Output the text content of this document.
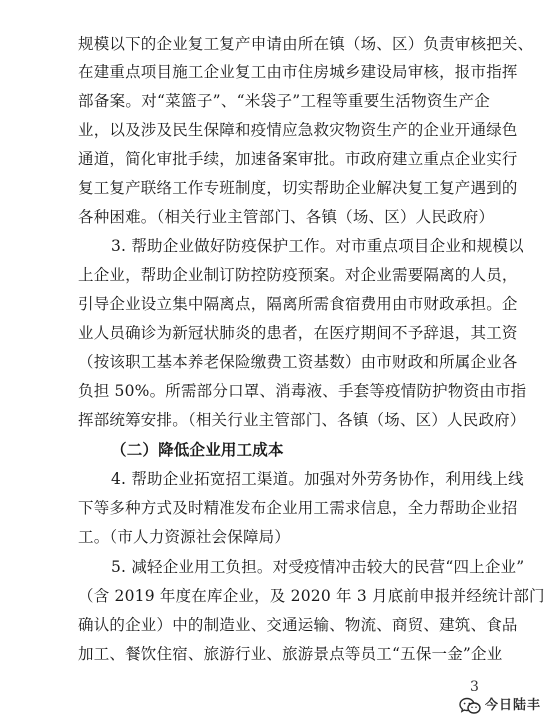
规模以下的企业复工复产申请由所在镇（场、区）负责审核把关、
在建重点项目施工企业复工由市住房城乡建设局审核，报市指挥
部备案。对“菜篮子”、“米袋子”工程等重要生活物资生产企
业，以及涉及民生保障和疫情应急救灾物资生产的企业开通绿色
通道，简化审批手续，加速备案审批。市政府建立重点企业实行
复工复产联络工作专班制度，切实帮助企业解决复工复产遇到的
各种困难。（相关行业主管部门、各镇（场、区）人民政府）
3. 帮助企业做好防疫保护工作。对市重点项目企业和规模以
上企业，帮助企业制订防控防疫预案。对企业需要隔离的人员，
引导企业设立集中隔离点，隔离所需食宿费用由市财政承担。企
业人员确诊为新冠状肺炎的患者，在医疗期间不予辞退，其工资
（按该职工基本养老保险缴费工资基数）由市财政和所属企业各
负担 50%。所需部分口罩、消毒液、手套等疫情防护物资由市指
挥部统筹安排。（相关行业主管部门、各镇（场、区）人民政府）
（二）降低企业用工成本
4. 帮助企业拓宽招工渠道。加强对外劳务协作，利用线上线
下等多种方式及时精准发布企业用工需求信息，全力帮助企业招
工。（市人力资源社会保障局）
5. 减轻企业用工负担。对受疫情冲击较大的民营“四上企业”
（含 2019 年度在库企业，及 2020 年 3 月底前申报并经统计部门
确认的企业）中的制造业、交通运输、物流、商贸、建筑、食品
加工、餐饮住宿、旅游行业、旅游景点等员工“五保一金”企业
3
今日陆丰
